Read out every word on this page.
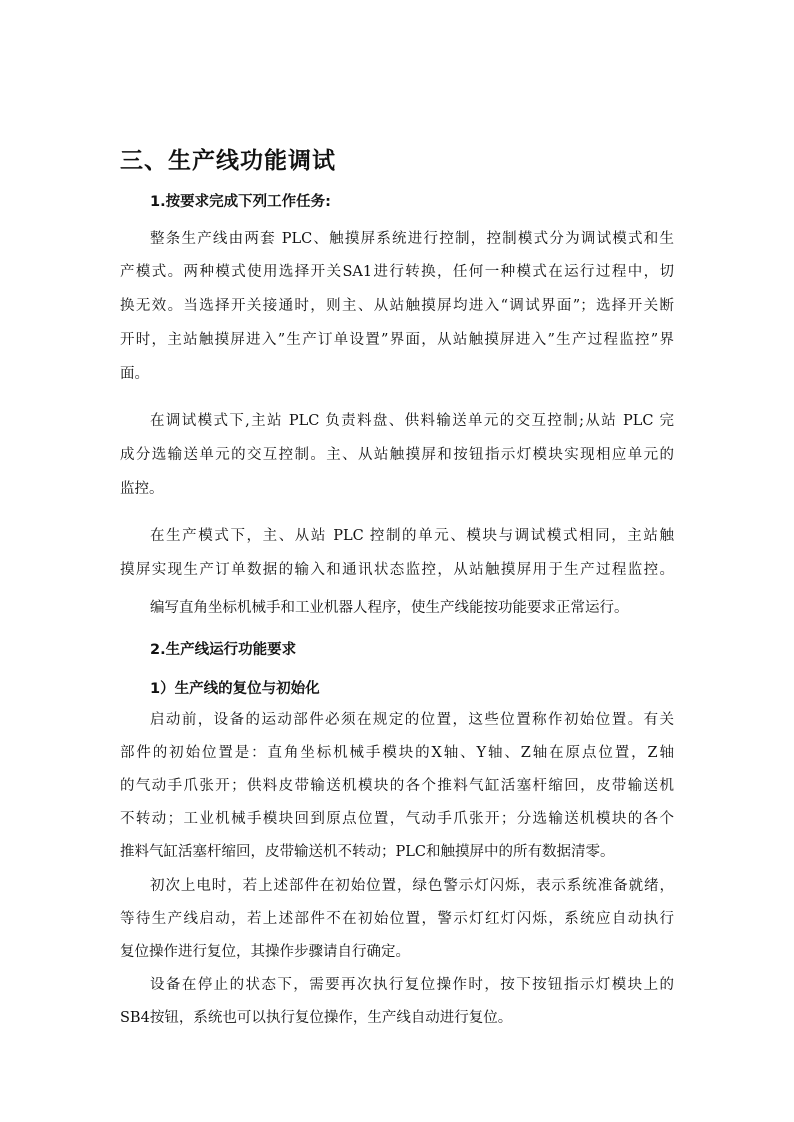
三、生产线功能调试
1.按要求完成下列工作任务:
整条生产线由两套 PLC、触摸屏系统进行控制，控制模式分为调试模式和生
产模式。两种模式使用选择开关SA1进行转换，任何一种模式在运行过程中，切
换无效。当选择开关接通时，则主、从站触摸屏均进入“调试界面”；选择开关断
开时，主站触摸屏进入”生产订单设置”界面，从站触摸屏进入”生产过程监控”界
面。
在调试模式下,主站 PLC 负责料盘、供料输送单元的交互控制;从站 PLC 完
成分选输送单元的交互控制。主、从站触摸屏和按钮指示灯模块实现相应单元的
监控。
在生产模式下，主、从站 PLC 控制的单元、模块与调试模式相同，主站触
摸屏实现生产订单数据的输入和通讯状态监控，从站触摸屏用于生产过程监控。
编写直角坐标机械手和工业机器人程序，使生产线能按功能要求正常运行。
2.生产线运行功能要求
1）生产线的复位与初始化
启动前，设备的运动部件必须在规定的位置，这些位置称作初始位置。有关
部件的初始位置是：直角坐标机械手模块的X轴、Y轴、Z轴在原点位置，Z轴
的气动手爪张开；供料皮带输送机模块的各个推料气缸活塞杆缩回，皮带输送机
不转动；工业机械手模块回到原点位置，气动手爪张开；分选输送机模块的各个
推料气缸活塞杆缩回，皮带输送机不转动；PLC和触摸屏中的所有数据清零。
初次上电时，若上述部件在初始位置，绿色警示灯闪烁，表示系统准备就绪，
等待生产线启动，若上述部件不在初始位置，警示灯红灯闪烁，系统应自动执行
复位操作进行复位，其操作步骤请自行确定。
设备在停止的状态下，需要再次执行复位操作时，按下按钮指示灯模块上的
SB4按钮，系统也可以执行复位操作，生产线自动进行复位。
